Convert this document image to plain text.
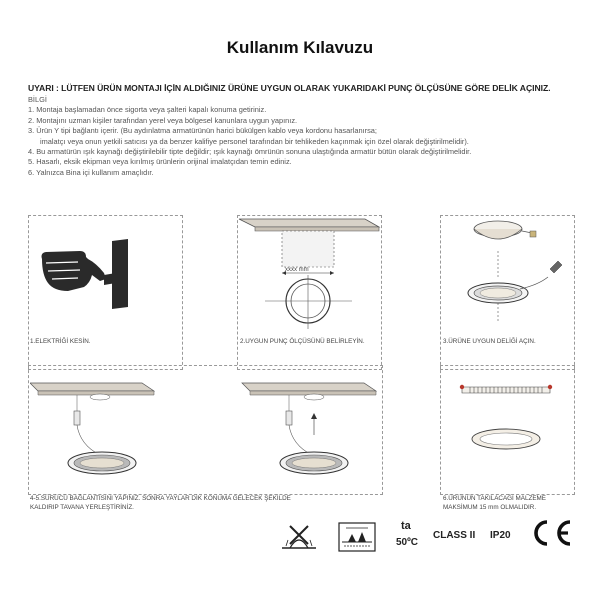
Kullanım Kılavuzu
UYARI : LÜTFEN ÜRÜN MONTAJI İÇİN ALDIĞINIZ ÜRÜNE UYGUN OLARAK YUKARIDAKİ PUNÇ ÖLÇÜSÜNE GÖRE DELİK AÇINIZ.
BİLGİ
1. Montaja başlamadan önce sigorta veya şalteri kapalı konuma getiriniz.
2. Montajını uzman kişiler tarafından yerel veya bölgesel kanunlara uygun yapınız.
3. Ürün Y tipi bağlantı içerir. (Bu aydınlatma armatürünün harici bükülgen kablo veya kordonu hasarlanırsa;
imalatçı veya onun yetkili satıcısı ya da benzer kalifiye personel tarafından bir tehlikeden kaçınmak için özel olarak değiştirilmelidir).
4. Bu armatürün ışık kaynağı değiştirilebilir tipte değildir; ışık kaynağı ömrünün sonuna ulaştığında armatür bütün olarak değiştirilmelidir.
5. Hasarlı, eksik ekipman veya kırılmış ürünlerin orijinal imalatçıdan temin ediniz.
6. Yalnızca Bina içi kullanım amaçlıdır.
1.ELEKTRİĞİ KESİN.
xxxx mm
2.UYGUN PUNÇ ÖLÇÜSÜNÜ BELİRLEYİN.	3.ÜRÜNE UYGUN DELİĞİ AÇIN.
4-5.SÜRÜCÜ BAĞLANTISINI YAPINIZ. SONRA YAYLAR DİK KONUMA GELECEK ŞEKİLDE
KALDIRIP TAVANA YERLEŞTİRİNİZ.
6.ÜRÜNÜN TAKILACAĞI MALZEME
MAKSİMUM 15 mm OLMALIDIR.
ta
50ºC
CLASS II IP20
